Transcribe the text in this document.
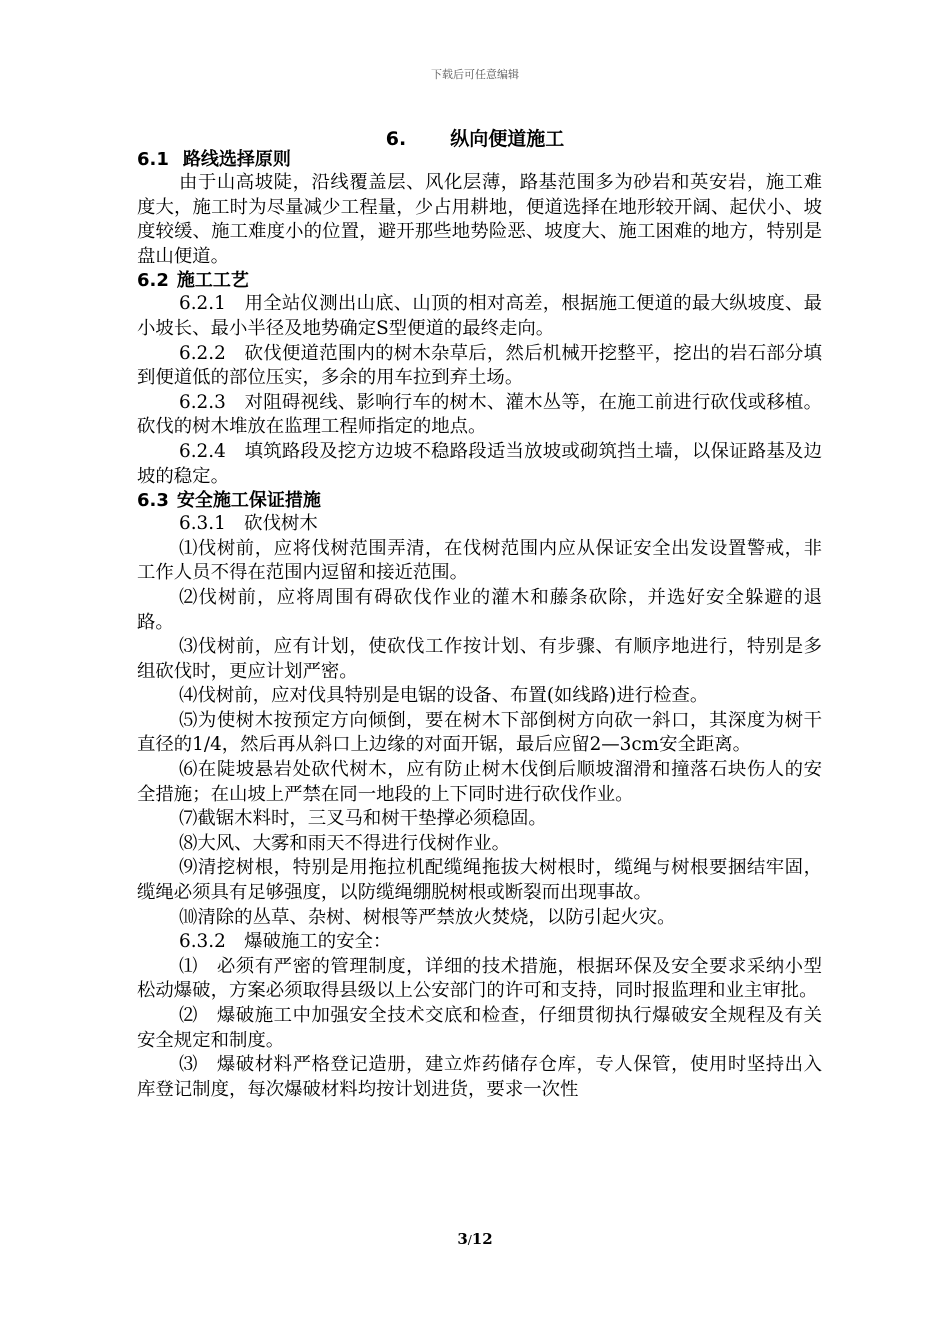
下载后可任意编辑
6. 纵向便道施工

6.1 路线选择原则

由于山高坡陡，沿线覆盖层、风化层薄，路基范围多为砂岩和英安岩，施工难度大，施工时为尽量减少工程量，少占用耕地，便道选择在地形较开阔、起伏小、坡度较缓、施工难度小的位置，避开那些地势险恶、坡度大、施工困难的地方，特别是盘山便道。

6.2 施工工艺

6.2.1　用全站仪测出山底、山顶的相对高差，根据施工便道的最大纵坡度、最小坡长、最小半径及地势确定S型便道的最终走向。

6.2.2　砍伐便道范围内的树木杂草后，然后机械开挖整平，挖出的岩石部分填到便道低的部位压实，多余的用车拉到弃土场。

6.2.3　对阻碍视线、影响行车的树木、灌木丛等，在施工前进行砍伐或移植。砍伐的树木堆放在监理工程师指定的地点。

6.2.4　填筑路段及挖方边坡不稳路段适当放坡或砌筑挡土墙，以保证路基及边坡的稳定。

6.3 安全施工保证措施

6.3.1　砍伐树木

⑴伐树前，应将伐树范围弄清，在伐树范围内应从保证安全出发设置警戒，非工作人员不得在范围内逗留和接近范围。

⑵伐树前，应将周围有碍砍伐作业的灌木和藤条砍除，并选好安全躲避的退路。

⑶伐树前，应有计划，使砍伐工作按计划、有步骤、有顺序地进行，特别是多组砍伐时，更应计划严密。

⑷伐树前，应对伐具特别是电锯的设备、布置(如线路)进行检查。

⑸为使树木按预定方向倾倒，要在树木下部倒树方向砍一斜口，其深度为树干直径的1/4，然后再从斜口上边缘的对面开锯，最后应留2—3cm安全距离。

⑹在陡坡悬岩处砍代树木，应有防止树木伐倒后顺坡溜滑和撞落石块伤人的安全措施；在山坡上严禁在同一地段的上下同时进行砍伐作业。

⑺截锯木料时，三叉马和树干垫撑必须稳固。

⑻大风、大雾和雨天不得进行伐树作业。

⑼清挖树根，特别是用拖拉机配缆绳拖拔大树根时，缆绳与树根要捆结牢固，缆绳必须具有足够强度，以防缆绳绷脱树根或断裂而出现事故。

⑽清除的丛草、杂树、树根等严禁放火焚烧，以防引起火灾。

6.3.2　爆破施工的安全：

⑴　必须有严密的管理制度，详细的技术措施，根据环保及安全要求采纳小型松动爆破，方案必须取得县级以上公安部门的许可和支持，同时报监理和业主审批。

⑵　爆破施工中加强安全技术交底和检查，仔细贯彻执行爆破安全规程及有关安全规定和制度。

⑶　爆破材料严格登记造册，建立炸药储存仓库，专人保管，使用时坚持出入库登记制度，每次爆破材料均按计划进货，要求一次性

3/12
